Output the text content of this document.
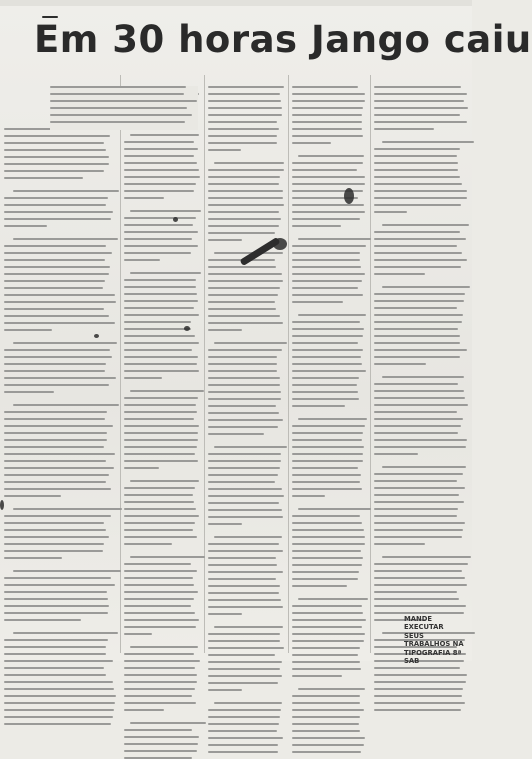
Em 30 horas Jango caiu
MANDE EXECUTAR
SEUS TRABALHOS NA
TIPOGRAFIA 8ª SAB
